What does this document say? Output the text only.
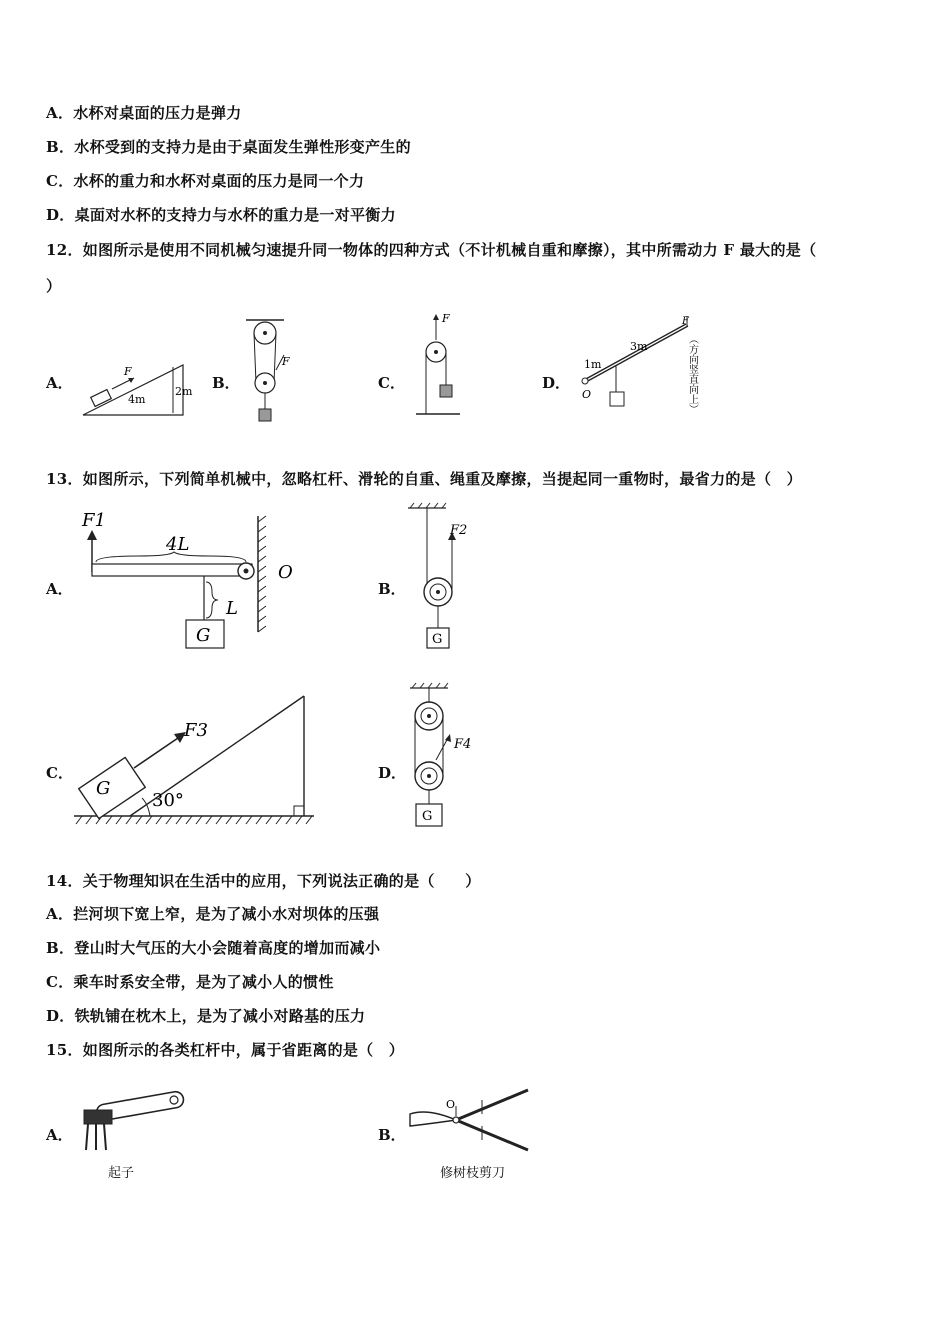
A．水杯对桌面的压力是弹力
B．水杯受到的支持力是由于桌面发生弹性形变产生的
C．水杯的重力和水杯对桌面的压力是同一个力
D．桌面对水杯的支持力与水杯的重力是一对平衡力
12．如图所示是使用不同机械匀速提升同一物体的四种方式（不计机械自重和摩擦），其中所需动力 F 最大的是（
）
A．
F
4m
2m B．
F
C．
F
D．
O
1m
3m
F
（方向竖直向上）
13．如图所示，下列简单机械中，忽略杠杆、滑轮的自重、绳重及摩擦，当提起同一重物时，最省力的是（　）
A．
F1
4L
O
L
G
B．
F2
G
C．
G
F3
30°
D．
F4
G
14．关于物理知识在生活中的应用，下列说法正确的是（　　）
A．拦河坝下宽上窄，是为了减小水对坝体的压强
B．登山时大气压的大小会随着高度的增加而减小
C．乘车时系安全带，是为了减小人的惯性
D．铁轨铺在枕木上，是为了减小对路基的压力
15．如图所示的各类杠杆中，属于省距离的是（　）
A．
起子
B．
O
修树枝剪刀
